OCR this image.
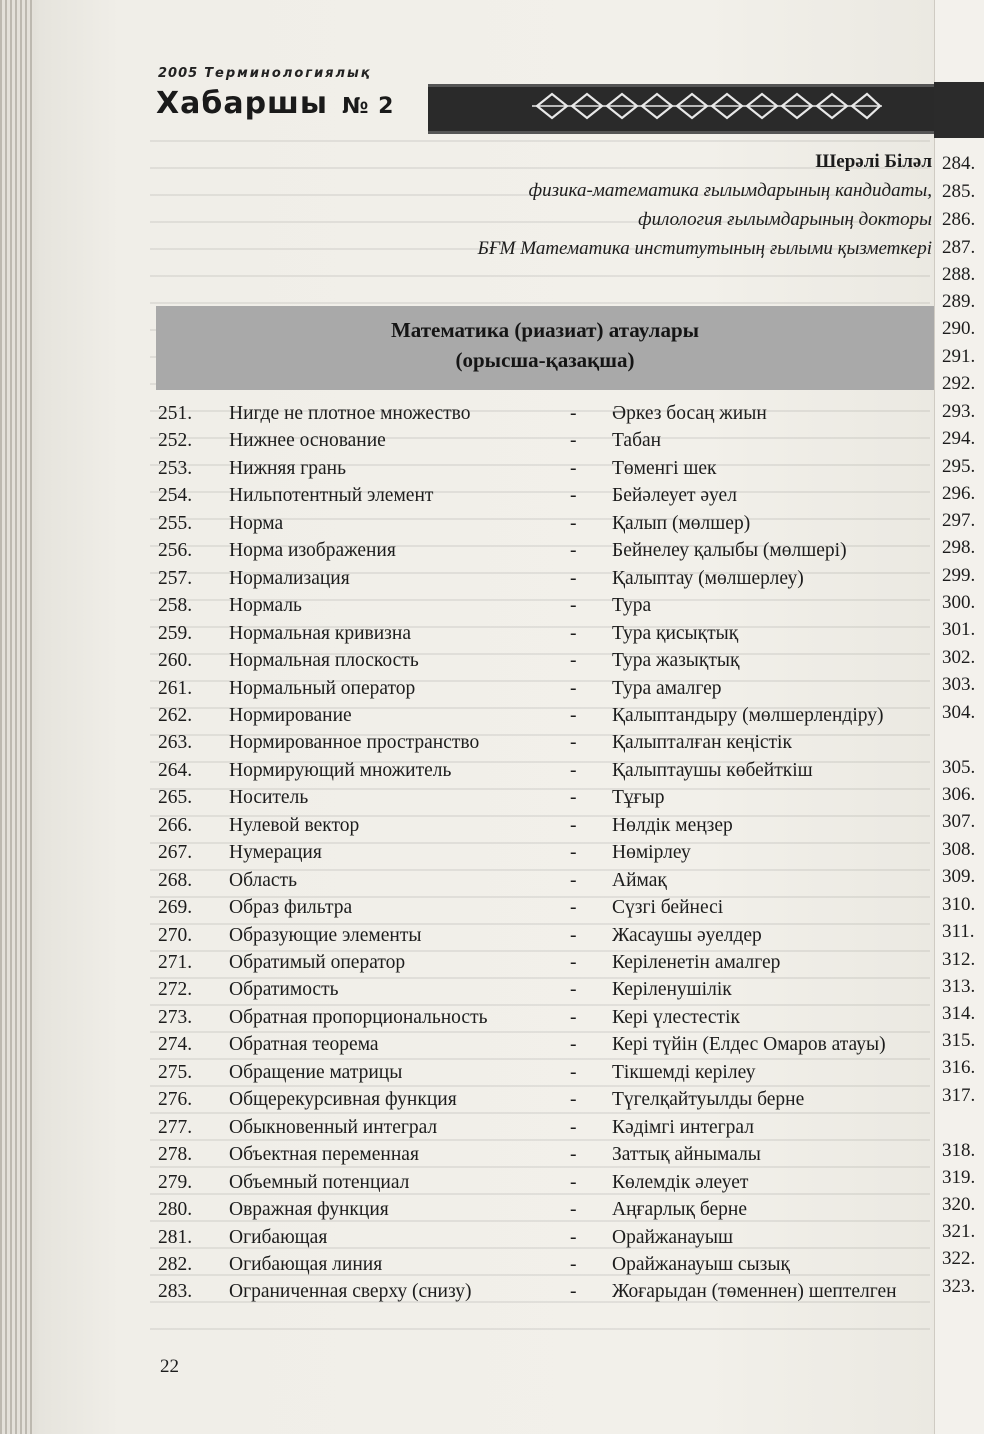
2005 Терминологиялық
Хабаршы № 2
Шерәлі Біләл
физика-математика ғылымдарының кандидаты,
филология ғылымдарының докторы
БҒМ Математика институтының ғылыми қызметкері
Математика (риазиат) атаулары
(орысша-қазақша)
251. Нигде не плотное множество	- Әркез босаң жиын
252. Нижнее основание	- Табан
253. Нижняя грань	- Төменгі шек
254. Нильпотентный элемент	- Бейәлеует әуел
255. Норма	- Қалып (мөлшер)
256. Норма изображения	- Бейнелеу қалыбы (мөлшері)
257. Нормализация	- Қалыптау (мөлшерлеу)
258. Нормаль	- Тура
259. Нормальная кривизна	- Тура қисықтық
260. Нормальная плоскость	- Тура жазықтық
261. Нормальный оператор	- Тура амалгер
262. Нормирование	- Қалыптандыру (мөлшерлендіру)
263. Нормированное пространство	- Қалыпталған кеңістік
264. Нормирующий множитель	- Қалыптаушы көбейткіш
265. Носитель	- Тұғыр
266. Нулевой вектор	- Нөлдік меңзер
267. Нумерация	- Нөмірлеу
268. Область	- Аймақ
269. Образ фильтра	- Сүзгі бейнесі
270. Образующие элементы	- Жасаушы әуелдер
271. Обратимый оператор	- Керіленетін амалгер
272. Обратимость	- Керіленушілік
273. Обратная пропорциональность	- Кері үлестестік
274. Обратная теорема	- Кері түйін (Елдес Омаров атауы)
275. Обращение матрицы	- Тікшемді керілеу
276. Общерекурсивная функция	- Түгелқайтуылды берне
277. Обыкновенный интеграл	- Кәдімгі интеграл
278. Объектная переменная	- Заттық айнымалы
279. Объемный потенциал	- Көлемдік әлеует
280. Овражная функция	- Аңғарлық берне
281. Огибающая	- Орайжанауыш
282. Огибающая линия	- Орайжанауыш сызық
283. Ограниченная сверху (снизу)	- Жоғарыдан (төменнен) шептелген
284.
285.
286.
287.
288.
289.
290.
291.
292.
293.
294.
295.
296.
297.
298.
299.
300.
301.
302.
303.
304.
305.
306.
307.
308.
309.
310.
311.
312.
313.
314.
315.
316.
317.
318.
319.
320.
321.
322.
323.
22
